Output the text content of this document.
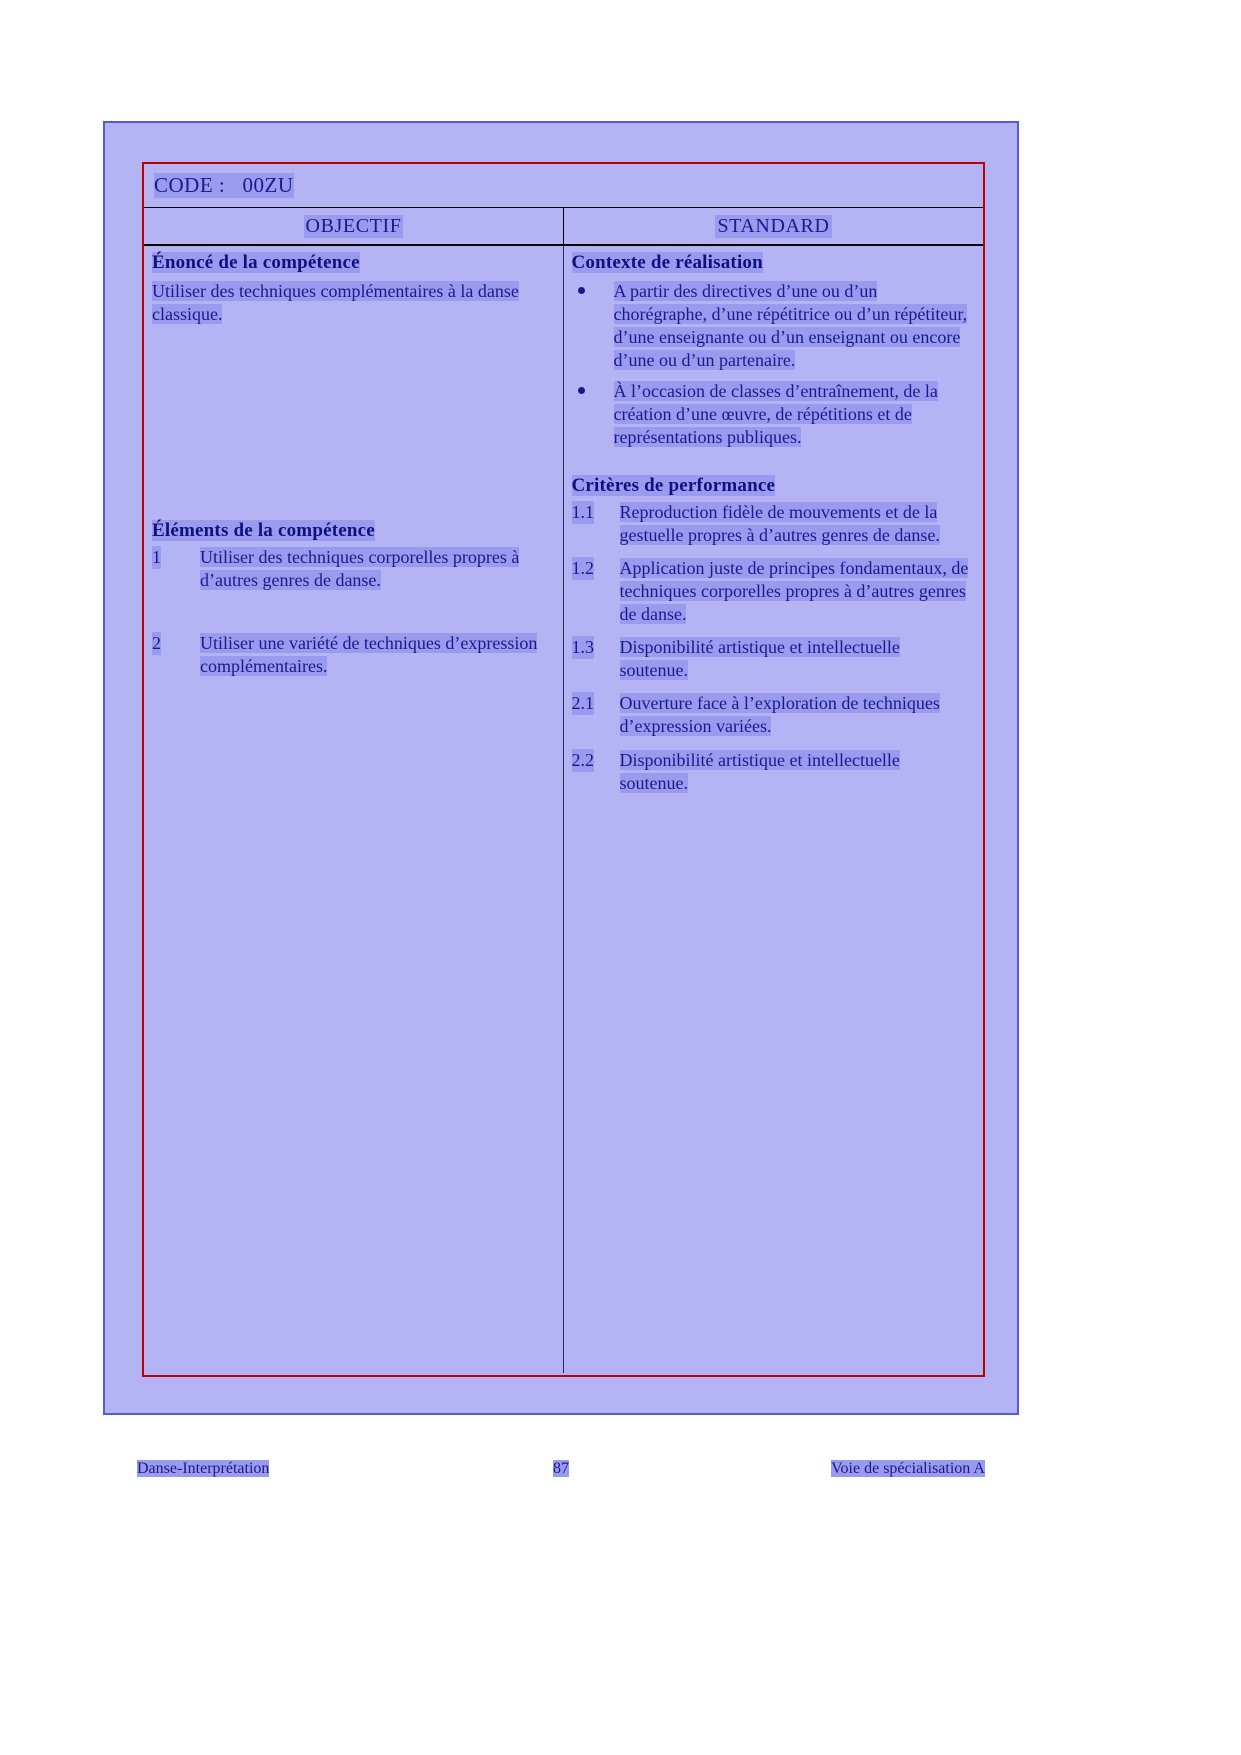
CODE : 00ZU
OBJECTIF	STANDARD
Énoncé de la compétence
Utiliser des techniques complémentaires à la danse classique.
Éléments de la compétence
1 Utiliser des techniques corporelles propres à d’autres genres de danse.
2 Utiliser une variété de techniques d’expression complémentaires.
Contexte de réalisation
A partir des directives d’une ou d’un chorégraphe, d’une répétitrice ou d’un répétiteur, d’une enseignante ou d’un enseignant ou encore d’une ou d’un partenaire.
À l’occasion de classes d’entraînement, de la création d’une œuvre, de répétitions et de représentations publiques.
Critères de performance
1.1 Reproduction fidèle de mouvements et de la gestuelle propres à d’autres genres de danse.
1.2 Application juste de principes fondamentaux, de techniques corporelles propres à d’autres genres de danse.
1.3 Disponibilité artistique et intellectuelle soutenue.
2.1 Ouverture face à l’exploration de techniques d’expression variées.
2.2 Disponibilité artistique et intellectuelle soutenue.
Danse-Interprétation	87	Voie de spécialisation A
